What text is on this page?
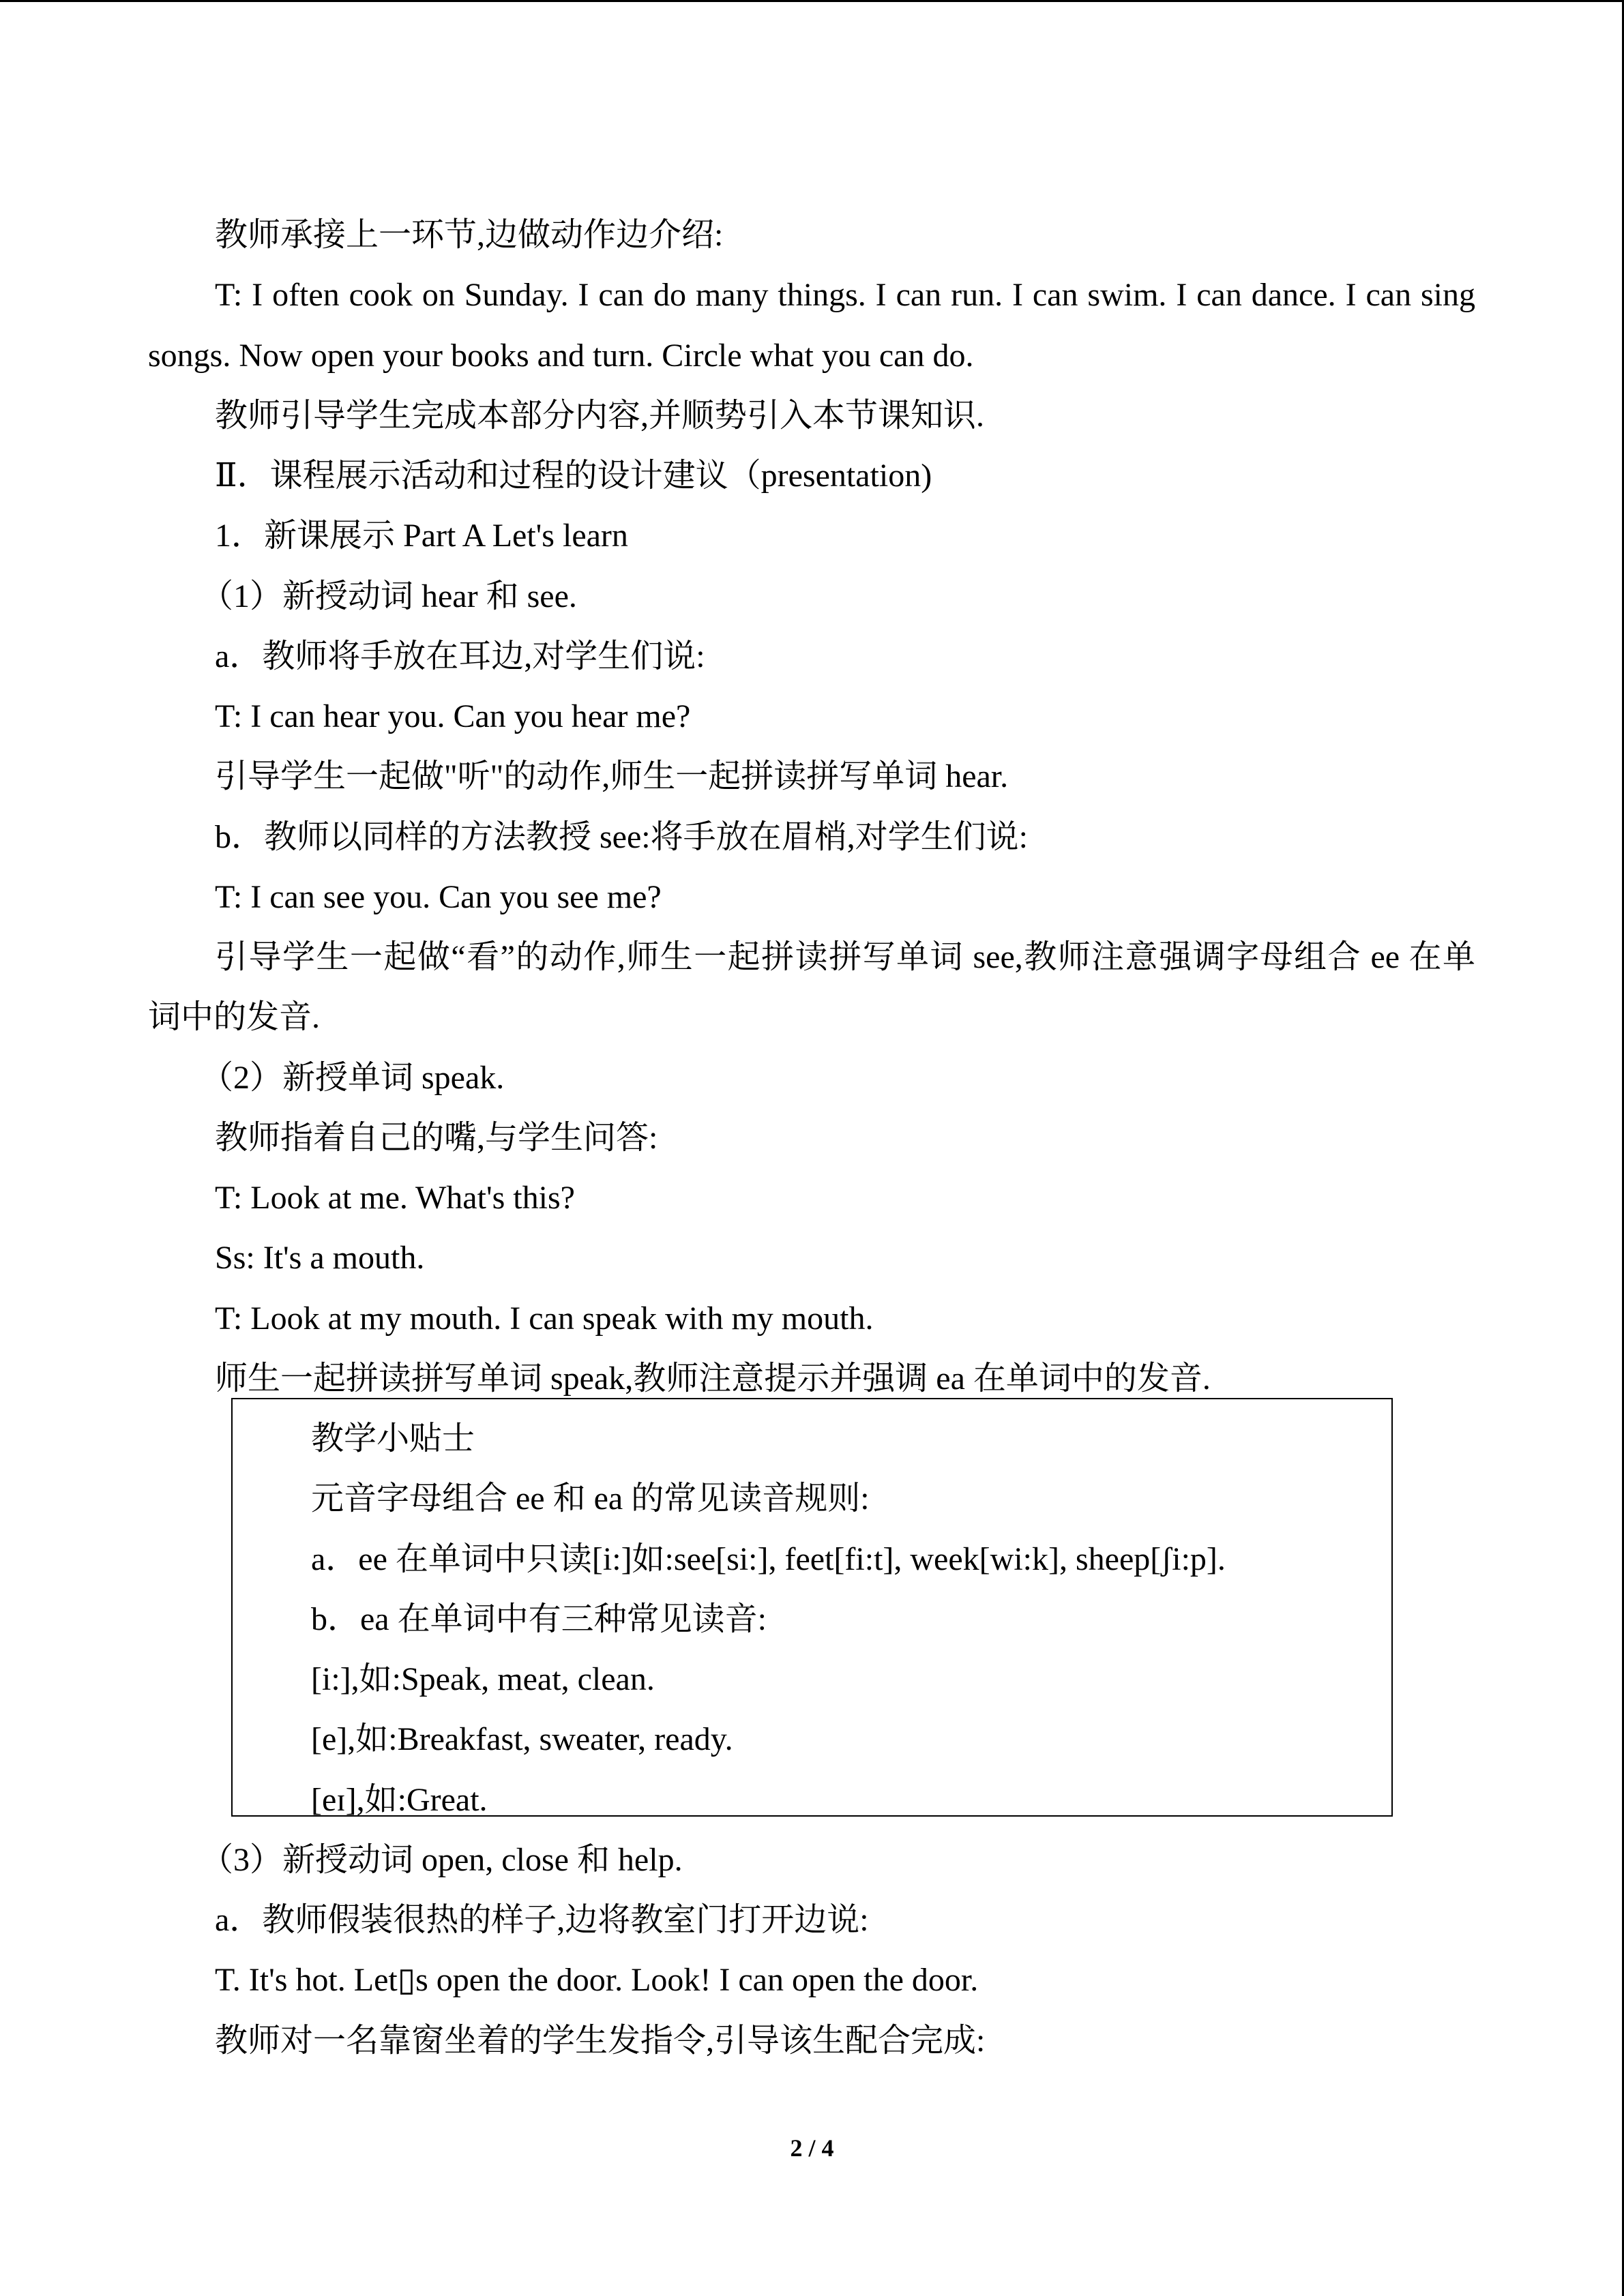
教师承接上一环节,边做动作边介绍:
T: I often cook on Sunday. I can do many things. I can run. I can swim. I can dance. I can sing
songs. Now open your books and turn. Circle what you can do.
教师引导学生完成本部分内容,并顺势引入本节课知识.
Ⅱ．课程展示活动和过程的设计建议（presentation)
1．新课展示 Part A Let's learn
（1）新授动词 hear 和 see.
a．教师将手放在耳边,对学生们说:
T: I can hear you. Can you hear me?
引导学生一起做"听"的动作,师生一起拼读拼写单词 hear.
b．教师以同样的方法教授 see:将手放在眉梢,对学生们说:
T: I can see you. Can you see me?
引导学生一起做“看”的动作,师生一起拼读拼写单词 see,教师注意强调字母组合 ee 在单
词中的发音.
（2）新授单词 speak.
教师指着自己的嘴,与学生问答:
T: Look at me. What's this?
Ss: It's a mouth.
T: Look at my mouth. I can speak with my mouth.
师生一起拼读拼写单词 speak,教师注意提示并强调 ea 在单词中的发音.
教学小贴士
元音字母组合 ee 和 ea 的常见读音规则:
a．ee 在单词中只读[i:]如:see[si:], feet[fi:t], week[wi:k], sheep[ʃi:p].
b．ea 在单词中有三种常见读音:
[i:],如:Speak, meat, clean.
[e],如:Breakfast, sweater, ready.
[eɪ],如:Great.
（3）新授动词 open, close 和 help.
a．教师假装很热的样子,边将教室门打开边说:
T. It's hot. Let▯s open the door. Look! I can open the door.
教师对一名靠窗坐着的学生发指令,引导该生配合完成:
2 / 4
